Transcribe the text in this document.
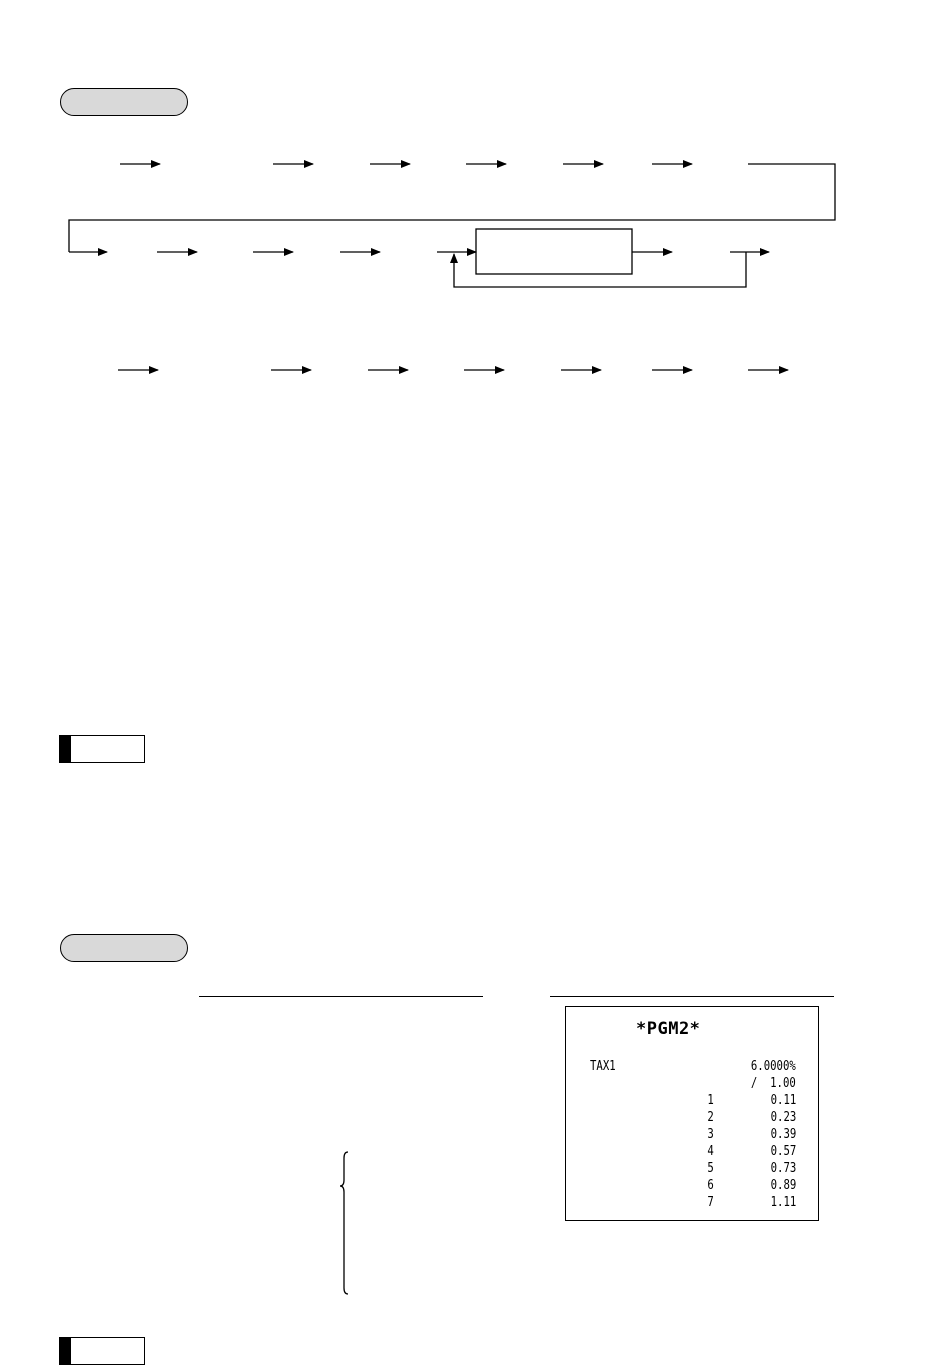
*PGM2*
TAX1	6.0000%
/  1.00
1	0.11
2	0.23
3	0.39
4	0.57
5	0.73
6	0.89
7	1.11
